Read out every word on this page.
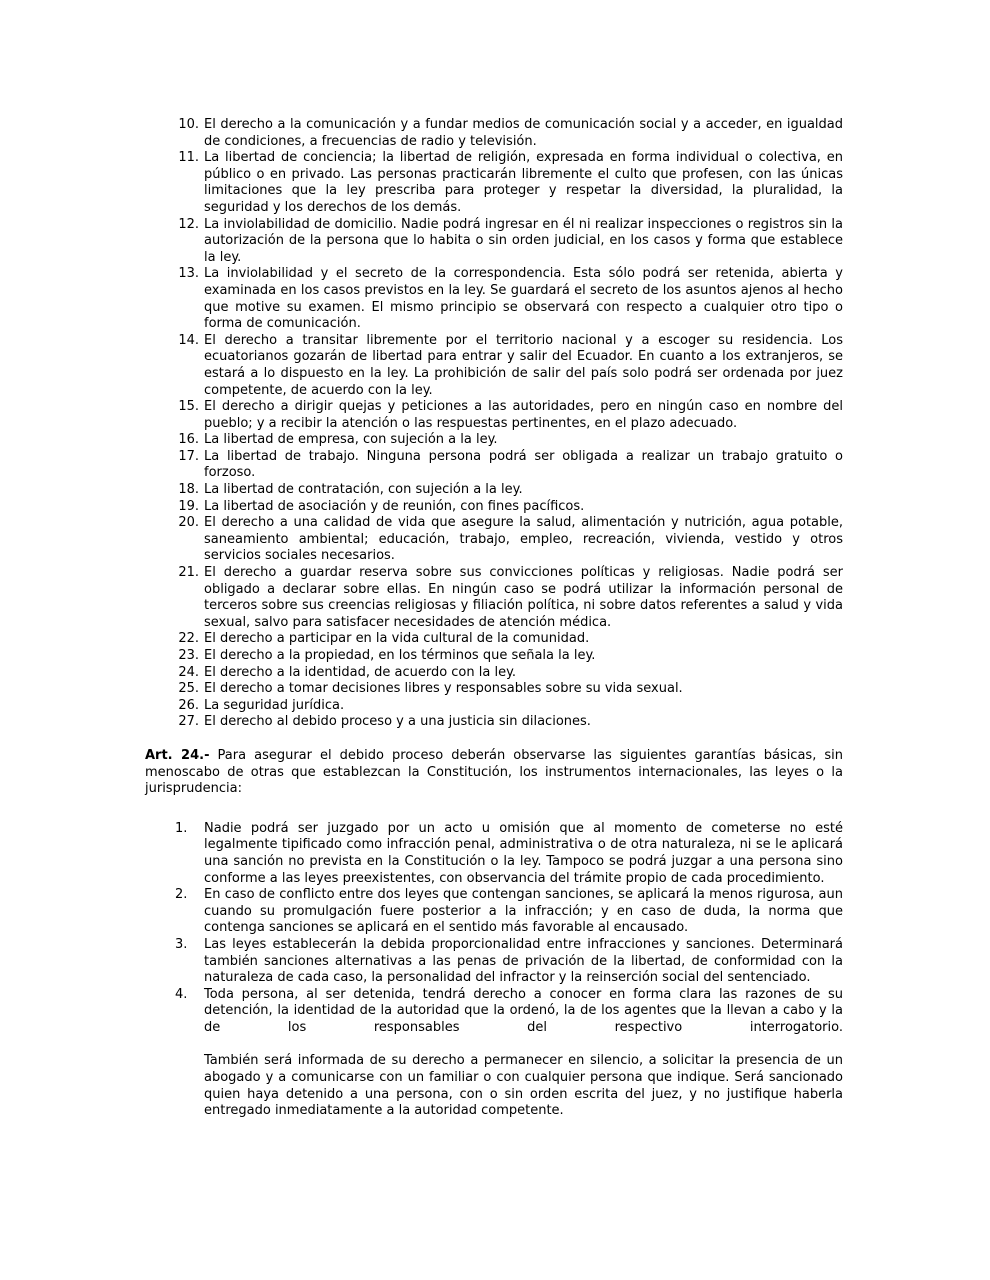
10. El derecho a la comunicación y a fundar medios de comunicación social y a acceder, en igualdad de condiciones, a frecuencias de radio y televisión.
11. La libertad de conciencia; la libertad de religión, expresada en forma individual o colectiva, en público o en privado. Las personas practicarán libremente el culto que profesen, con las únicas limitaciones que la ley prescriba para proteger y respetar la diversidad, la pluralidad, la seguridad y los derechos de los demás.
12. La inviolabilidad de domicilio. Nadie podrá ingresar en él ni realizar inspecciones o registros sin la autorización de la persona que lo habita o sin orden judicial, en los casos y forma que establece la ley.
13. La inviolabilidad y el secreto de la correspondencia. Esta sólo podrá ser retenida, abierta y examinada en los casos previstos en la ley. Se guardará el secreto de los asuntos ajenos al hecho que motive su examen. El mismo principio se observará con respecto a cualquier otro tipo o forma de comunicación.
14. El derecho a transitar libremente por el territorio nacional y a escoger su residencia. Los ecuatorianos gozarán de libertad para entrar y salir del Ecuador. En cuanto a los extranjeros, se estará a lo dispuesto en la ley. La prohibición de salir del país solo podrá ser ordenada por juez competente, de acuerdo con la ley.
15. El derecho a dirigir quejas y peticiones a las autoridades, pero en ningún caso en nombre del pueblo; y a recibir la atención o las respuestas pertinentes, en el plazo adecuado.
16. La libertad de empresa, con sujeción a la ley.
17. La libertad de trabajo. Ninguna persona podrá ser obligada a realizar un trabajo gratuito o forzoso.
18. La libertad de contratación, con sujeción a la ley.
19. La libertad de asociación y de reunión, con fines pacíficos.
20. El derecho a una calidad de vida que asegure la salud, alimentación y nutrición, agua potable, saneamiento ambiental; educación, trabajo, empleo, recreación, vivienda, vestido y otros servicios sociales necesarios.
21. El derecho a guardar reserva sobre sus convicciones políticas y religiosas. Nadie podrá ser obligado a declarar sobre ellas. En ningún caso se podrá utilizar la información personal de terceros sobre sus creencias religiosas y filiación política, ni sobre datos referentes a salud y vida sexual, salvo para satisfacer necesidades de atención médica.
22. El derecho a participar en la vida cultural de la comunidad.
23. El derecho a la propiedad, en los términos que señala la ley.
24. El derecho a la identidad, de acuerdo con la ley.
25. El derecho a tomar decisiones libres y responsables sobre su vida sexual.
26. La seguridad jurídica.
27. El derecho al debido proceso y a una justicia sin dilaciones.

Art. 24.- Para asegurar el debido proceso deberán observarse las siguientes garantías básicas, sin menoscabo de otras que establezcan la Constitución, los instrumentos internacionales, las leyes o la jurisprudencia:

1.	Nadie podrá ser juzgado por un acto u omisión que al momento de cometerse no esté legalmente tipificado como infracción penal, administrativa o de otra naturaleza, ni se le aplicará una sanción no prevista en la Constitución o la ley. Tampoco se podrá juzgar a una persona sino conforme a las leyes preexistentes, con observancia del trámite propio de cada procedimiento.
2.	En caso de conflicto entre dos leyes que contengan sanciones, se aplicará la menos rigurosa, aun cuando su promulgación fuere posterior a la infracción; y en caso de duda, la norma que contenga sanciones se aplicará en el sentido más favorable al encausado.
3.	Las leyes establecerán la debida proporcionalidad entre infracciones y sanciones. Determinará también sanciones alternativas a las penas de privación de la libertad, de conformidad con la naturaleza de cada caso, la personalidad del infractor y la reinserción social del sentenciado.
4.	Toda persona, al ser detenida, tendrá derecho a conocer en forma clara las razones de su detención, la identidad de la autoridad que la ordenó, la de los agentes que la llevan a cabo y la de los responsables del respectivo interrogatorio.
También será informada de su derecho a permanecer en silencio, a solicitar la presencia de un abogado y a comunicarse con un familiar o con cualquier persona que indique. Será sancionado quien haya detenido a una persona, con o sin orden escrita del juez, y no justifique haberla entregado inmediatamente a la autoridad competente.
